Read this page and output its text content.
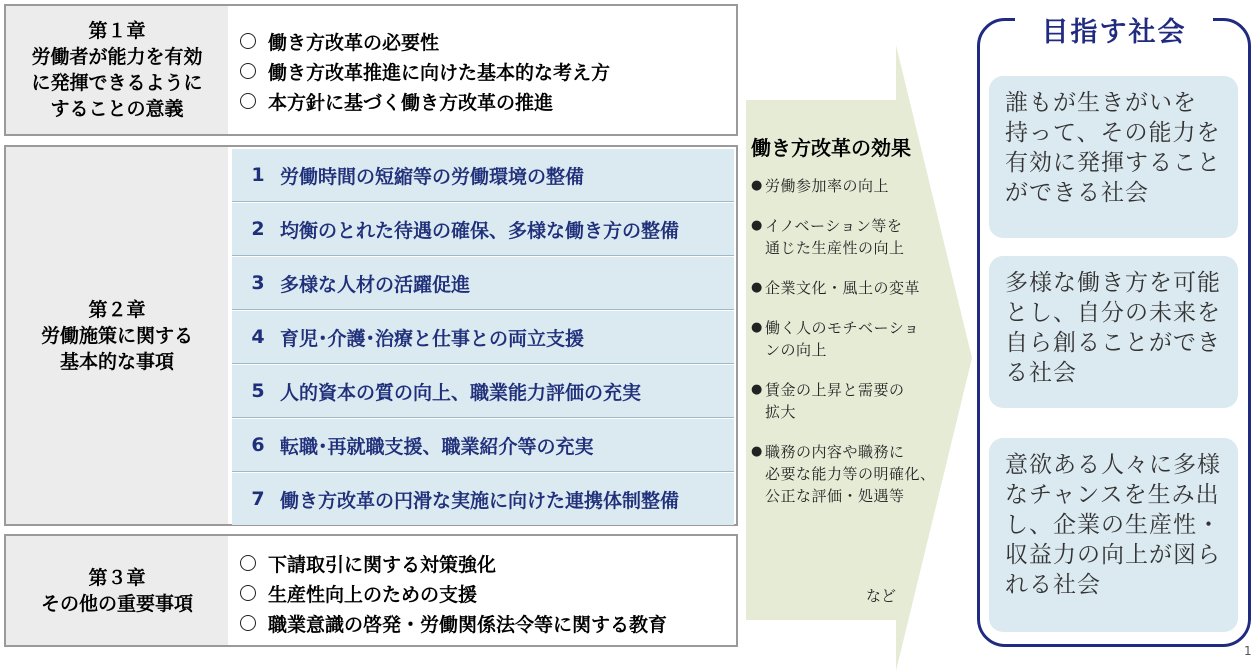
第１章
労働者が能力を有効
に発揮できるように
することの意義
働き方改革の必要性
働き方改革推進に向けた基本的な考え方
本方針に基づく働き方改革の推進
第２章
労働施策に関する
基本的な事項
1 労働時間の短縮等の労働環境の整備
2 均衡のとれた待遇の確保、多様な働き方の整備
3 多様な人材の活躍促進
4 育児･介護･治療と仕事との両立支援
5 人的資本の質の向上、職業能力評価の充実
6 転職･再就職支援、職業紹介等の充実
7 働き方改革の円滑な実施に向けた連携体制整備
第３章
その他の重要事項
下請取引に関する対策強化
生産性向上のための支援
職業意識の啓発・労働関係法令等に関する教育
働き方改革の効果
● 労働参加率の向上
● イノベーション等を
通じた生産性の向上
● 企業文化・風土の変革
● 働く人のモチベーショ
ンの向上
● 賃金の上昇と需要の
拡大
● 職務の内容や職務に
必要な能力等の明確化、
公正な評価・処遇等
など
目指す社会
誰もが生きがいを
持って、その能力を
有効に発揮すること
ができる社会
多様な働き方を可能
とし、自分の未来を
自ら創ることができ
る社会
意欲ある人々に多様
なチャンスを生み出
し、企業の生産性・
収益力の向上が図ら
れる社会
1
